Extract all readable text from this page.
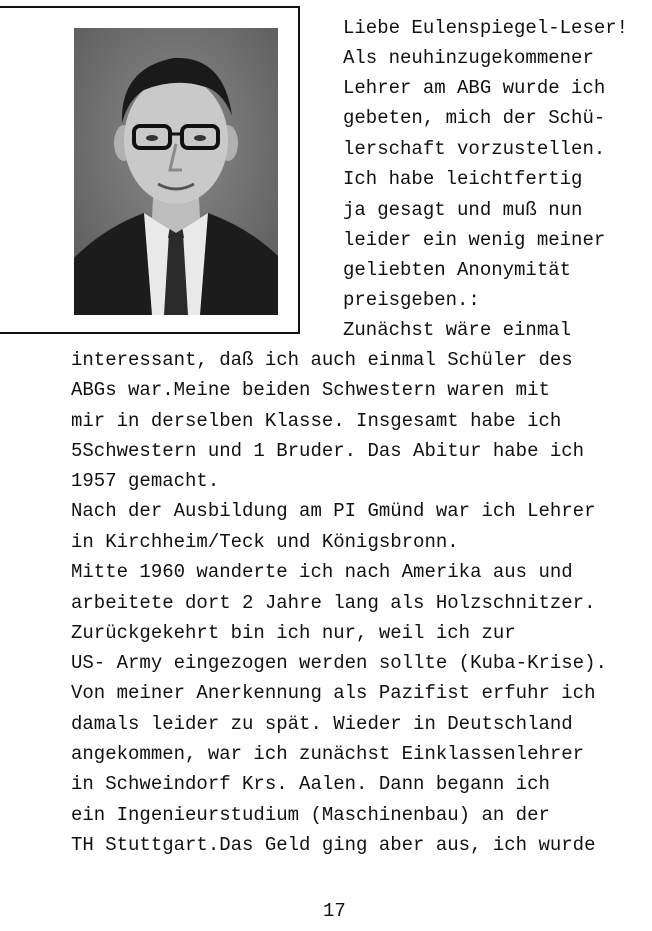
Liebe Eulenspiegel-Leser!
Als neuhinzugekommener
Lehrer am ABG wurde ich
gebeten, mich der Schü-
lerschaft vorzustellen.
Ich habe leichtfertig
ja gesagt und muß nun
leider ein wenig meiner
geliebten Anonymität
preisgeben.:
Zunächst wäre einmal
interessant, daß ich auch einmal Schüler des
ABGs war.Meine beiden Schwestern waren mit
mir in derselben Klasse. Insgesamt habe ich
5Schwestern und 1 Bruder. Das Abitur habe ich
1957 gemacht.
Nach der Ausbildung am PI Gmünd war ich Lehrer
in Kirchheim/Teck und Königsbronn.
Mitte 1960 wanderte ich nach Amerika aus und
arbeitete dort 2 Jahre lang als Holzschnitzer.
Zurückgekehrt bin ich nur, weil ich zur
US- Army eingezogen werden sollte (Kuba-Krise).
Von meiner Anerkennung als Pazifist erfuhr ich
damals leider zu spät. Wieder in Deutschland
angekommen, war ich zunächst Einklassenlehrer
in Schweindorf Krs. Aalen. Dann begann ich
ein Ingenieurstudium (Maschinenbau) an der
TH Stuttgart.Das Geld ging aber aus, ich wurde
17
